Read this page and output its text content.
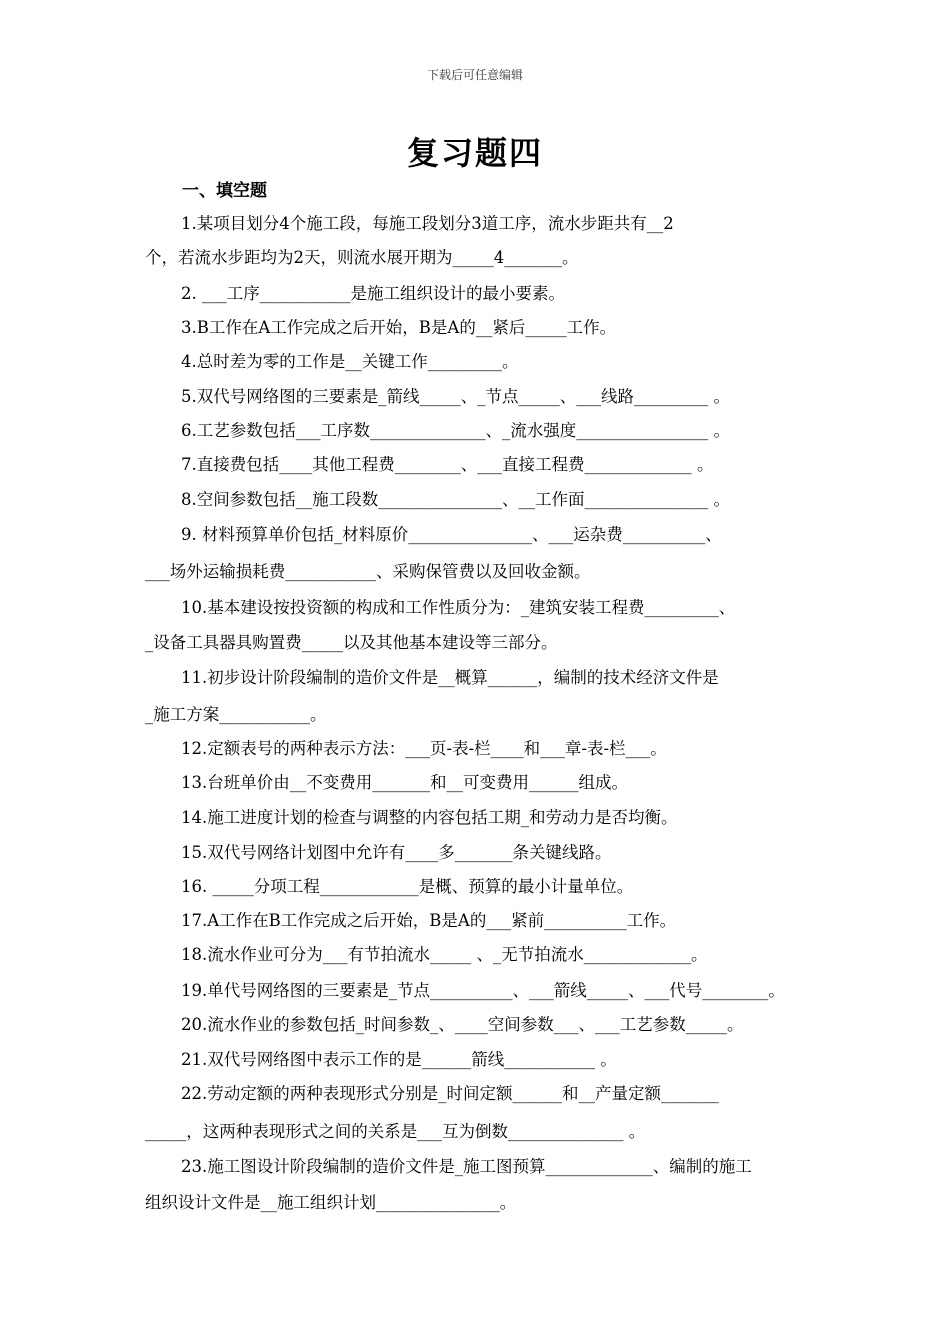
下载后可任意编辑
复习题四
一、填空题
1.某项目划分4个施工段，每施工段划分3道工序，流水步距共有__2
个，若流水步距均为2天，则流水展开期为_____4_______。
2. ___工序___________是施工组织设计的最小要素。
3.B工作在A工作完成之后开始，B是A的__紧后_____工作。
4.总时差为零的工作是__关键工作_________。
5.双代号网络图的三要素是_箭线_____、_节点_____、___线路_________ 。
6.工艺参数包括___工序数______________、_流水强度________________ 。
7.直接费包括____其他工程费________、___直接工程费_____________ 。
8.空间参数包括__施工段数_______________、__工作面_______________ 。
9. 材料预算单价包括_材料原价_______________、___运杂费__________、
___场外运输损耗费___________、采购保管费以及回收金额。
10.基本建设按投资额的构成和工作性质分为：_建筑安装工程费_________、
_设备工具器具购置费_____以及其他基本建设等三部分。
11.初步设计阶段编制的造价文件是__概算______，编制的技术经济文件是
_施工方案___________。
12.定额表号的两种表示方法：___页-表-栏____和___章-表-栏___。
13.台班单价由__不变费用_______和__可变费用______组成。
14.施工进度计划的检查与调整的内容包括工期_和劳动力是否均衡。
15.双代号网络计划图中允许有____多_______条关键线路。
16. _____分项工程____________是概、预算的最小计量单位。
17.A工作在B工作完成之后开始，B是A的___紧前__________工作。
18.流水作业可分为___有节拍流水_____ 、_无节拍流水_____________。
19.单代号网络图的三要素是_节点__________、___箭线_____、___代号________。
20.流水作业的参数包括_时间参数_、____空间参数___、___工艺参数_____。
21.双代号网络图中表示工作的是______箭线___________ 。
22.劳动定额的两种表现形式分别是_时间定额______和__产量定额_______
_____，这两种表现形式之间的关系是___互为倒数______________ 。
23.施工图设计阶段编制的造价文件是_施工图预算_____________、编制的施工
组织设计文件是__施工组织计划_______________。
